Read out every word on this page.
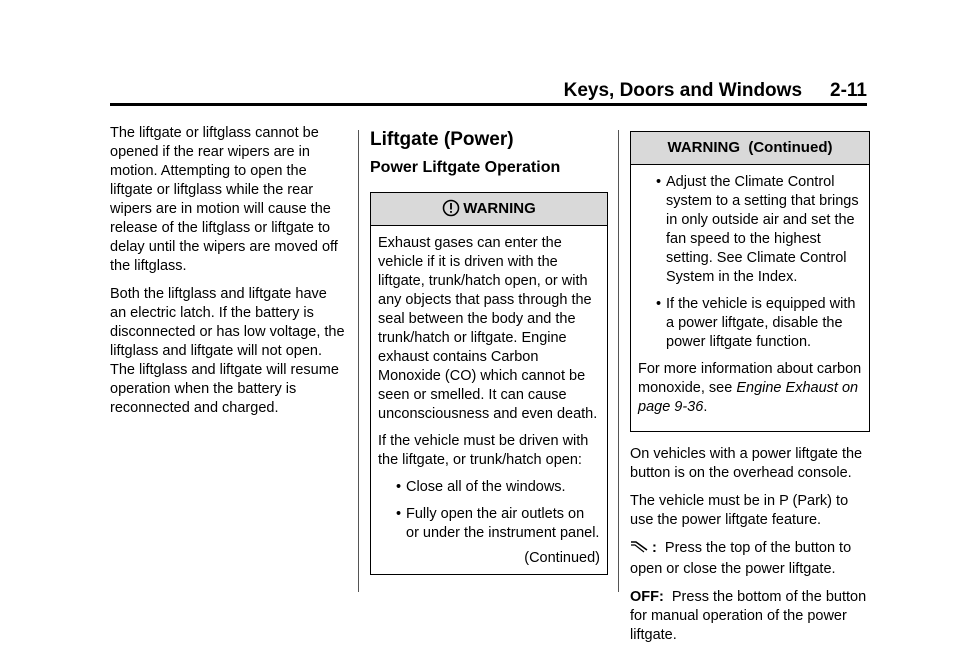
Keys, Doors and Windows 2-11

The liftgate or liftglass cannot be opened if the rear wipers are in motion. Attempting to open the liftgate or liftglass while the rear wipers are in motion will cause the release of the liftglass or liftgate to delay until the wipers are moved off the liftglass.

Both the liftglass and liftgate have an electric latch. If the battery is disconnected or has low voltage, the liftglass and liftgate will not open. The liftglass and liftgate will resume operation when the battery is reconnected and charged.

Liftgate (Power)
Power Liftgate Operation
WARNING

Exhaust gases can enter the vehicle if it is driven with the liftgate, trunk/hatch open, or with any objects that pass through the seal between the body and the trunk/hatch or liftgate. Engine exhaust contains Carbon Monoxide (CO) which cannot be seen or smelled. It can cause unconsciousness and even death.

If the vehicle must be driven with the liftgate, or trunk/hatch open:

• Close all of the windows.
• Fully open the air outlets on or under the instrument panel.
(Continued)
WARNING  (Continued)
• Adjust the Climate Control system to a setting that brings in only outside air and set the fan speed to the highest setting. See Climate Control System in the Index.
• If the vehicle is equipped with a power liftgate, disable the power liftgate function.

For more information about carbon monoxide, see Engine Exhaust on page 9-36.

On vehicles with a power liftgate the button is on the overhead console.

The vehicle must be in P (Park) to use the power liftgate feature.

: Press the top of the button to open or close the power liftgate.

OFF: Press the bottom of the button for manual operation of the power liftgate.
